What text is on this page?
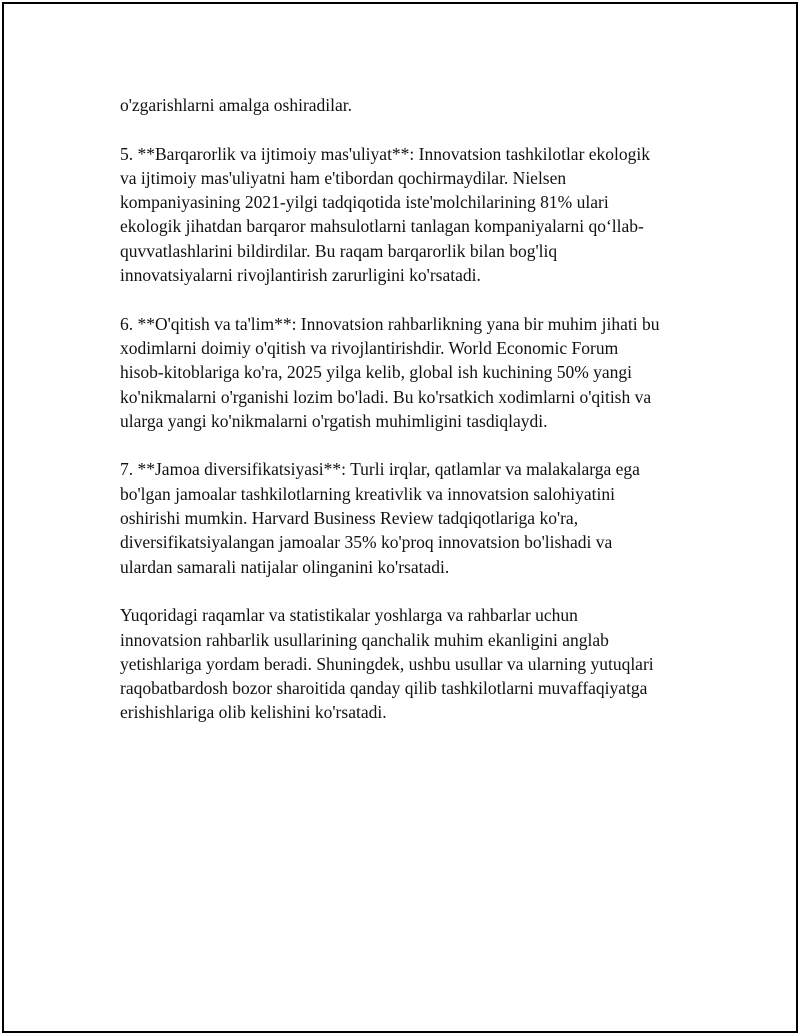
o'zgarishlarni amalga oshiradilar.

5. **Barqarorlik va ijtimoiy mas'uliyat**: Innovatsion tashkilotlar ekologik
va ijtimoiy mas'uliyatni ham e'tibordan qochirmaydilar. Nielsen
kompaniyasining 2021-yilgi tadqiqotida iste'molchilarining 81% ulari
ekologik jihatdan barqaror mahsulotlarni tanlagan kompaniyalarni qo‘llab-
quvvatlashlarini bildirdilar. Bu raqam barqarorlik bilan bog'liq
innovatsiyalarni rivojlantirish zarurligini ko'rsatadi.

6. **O'qitish va ta'lim**: Innovatsion rahbarlikning yana bir muhim jihati bu
xodimlarni doimiy o'qitish va rivojlantirishdir. World Economic Forum
hisob-kitoblariga ko'ra, 2025 yilga kelib, global ish kuchining 50% yangi
ko'nikmalarni o'rganishi lozim bo'ladi. Bu ko'rsatkich xodimlarni o'qitish va
ularga yangi ko'nikmalarni o'rgatish muhimligini tasdiqlaydi.

7. **Jamoa diversifikatsiyasi**: Turli irqlar, qatlamlar va malakalarga ega
bo'lgan jamoalar tashkilotlarning kreativlik va innovatsion salohiyatini
oshirishi mumkin. Harvard Business Review tadqiqotlariga ko'ra,
diversifikatsiyalangan jamoalar 35% ko'proq innovatsion bo'lishadi va
ulardan samarali natijalar olinganini ko'rsatadi.

Yuqoridagi raqamlar va statistikalar yoshlarga va rahbarlar uchun
innovatsion rahbarlik usullarining qanchalik muhim ekanligini anglab
yetishlariga yordam beradi. Shuningdek, ushbu usullar va ularning yutuqlari
raqobatbardosh bozor sharoitida qanday qilib tashkilotlarni muvaffaqiyatga
erishishlariga olib kelishini ko'rsatadi.
